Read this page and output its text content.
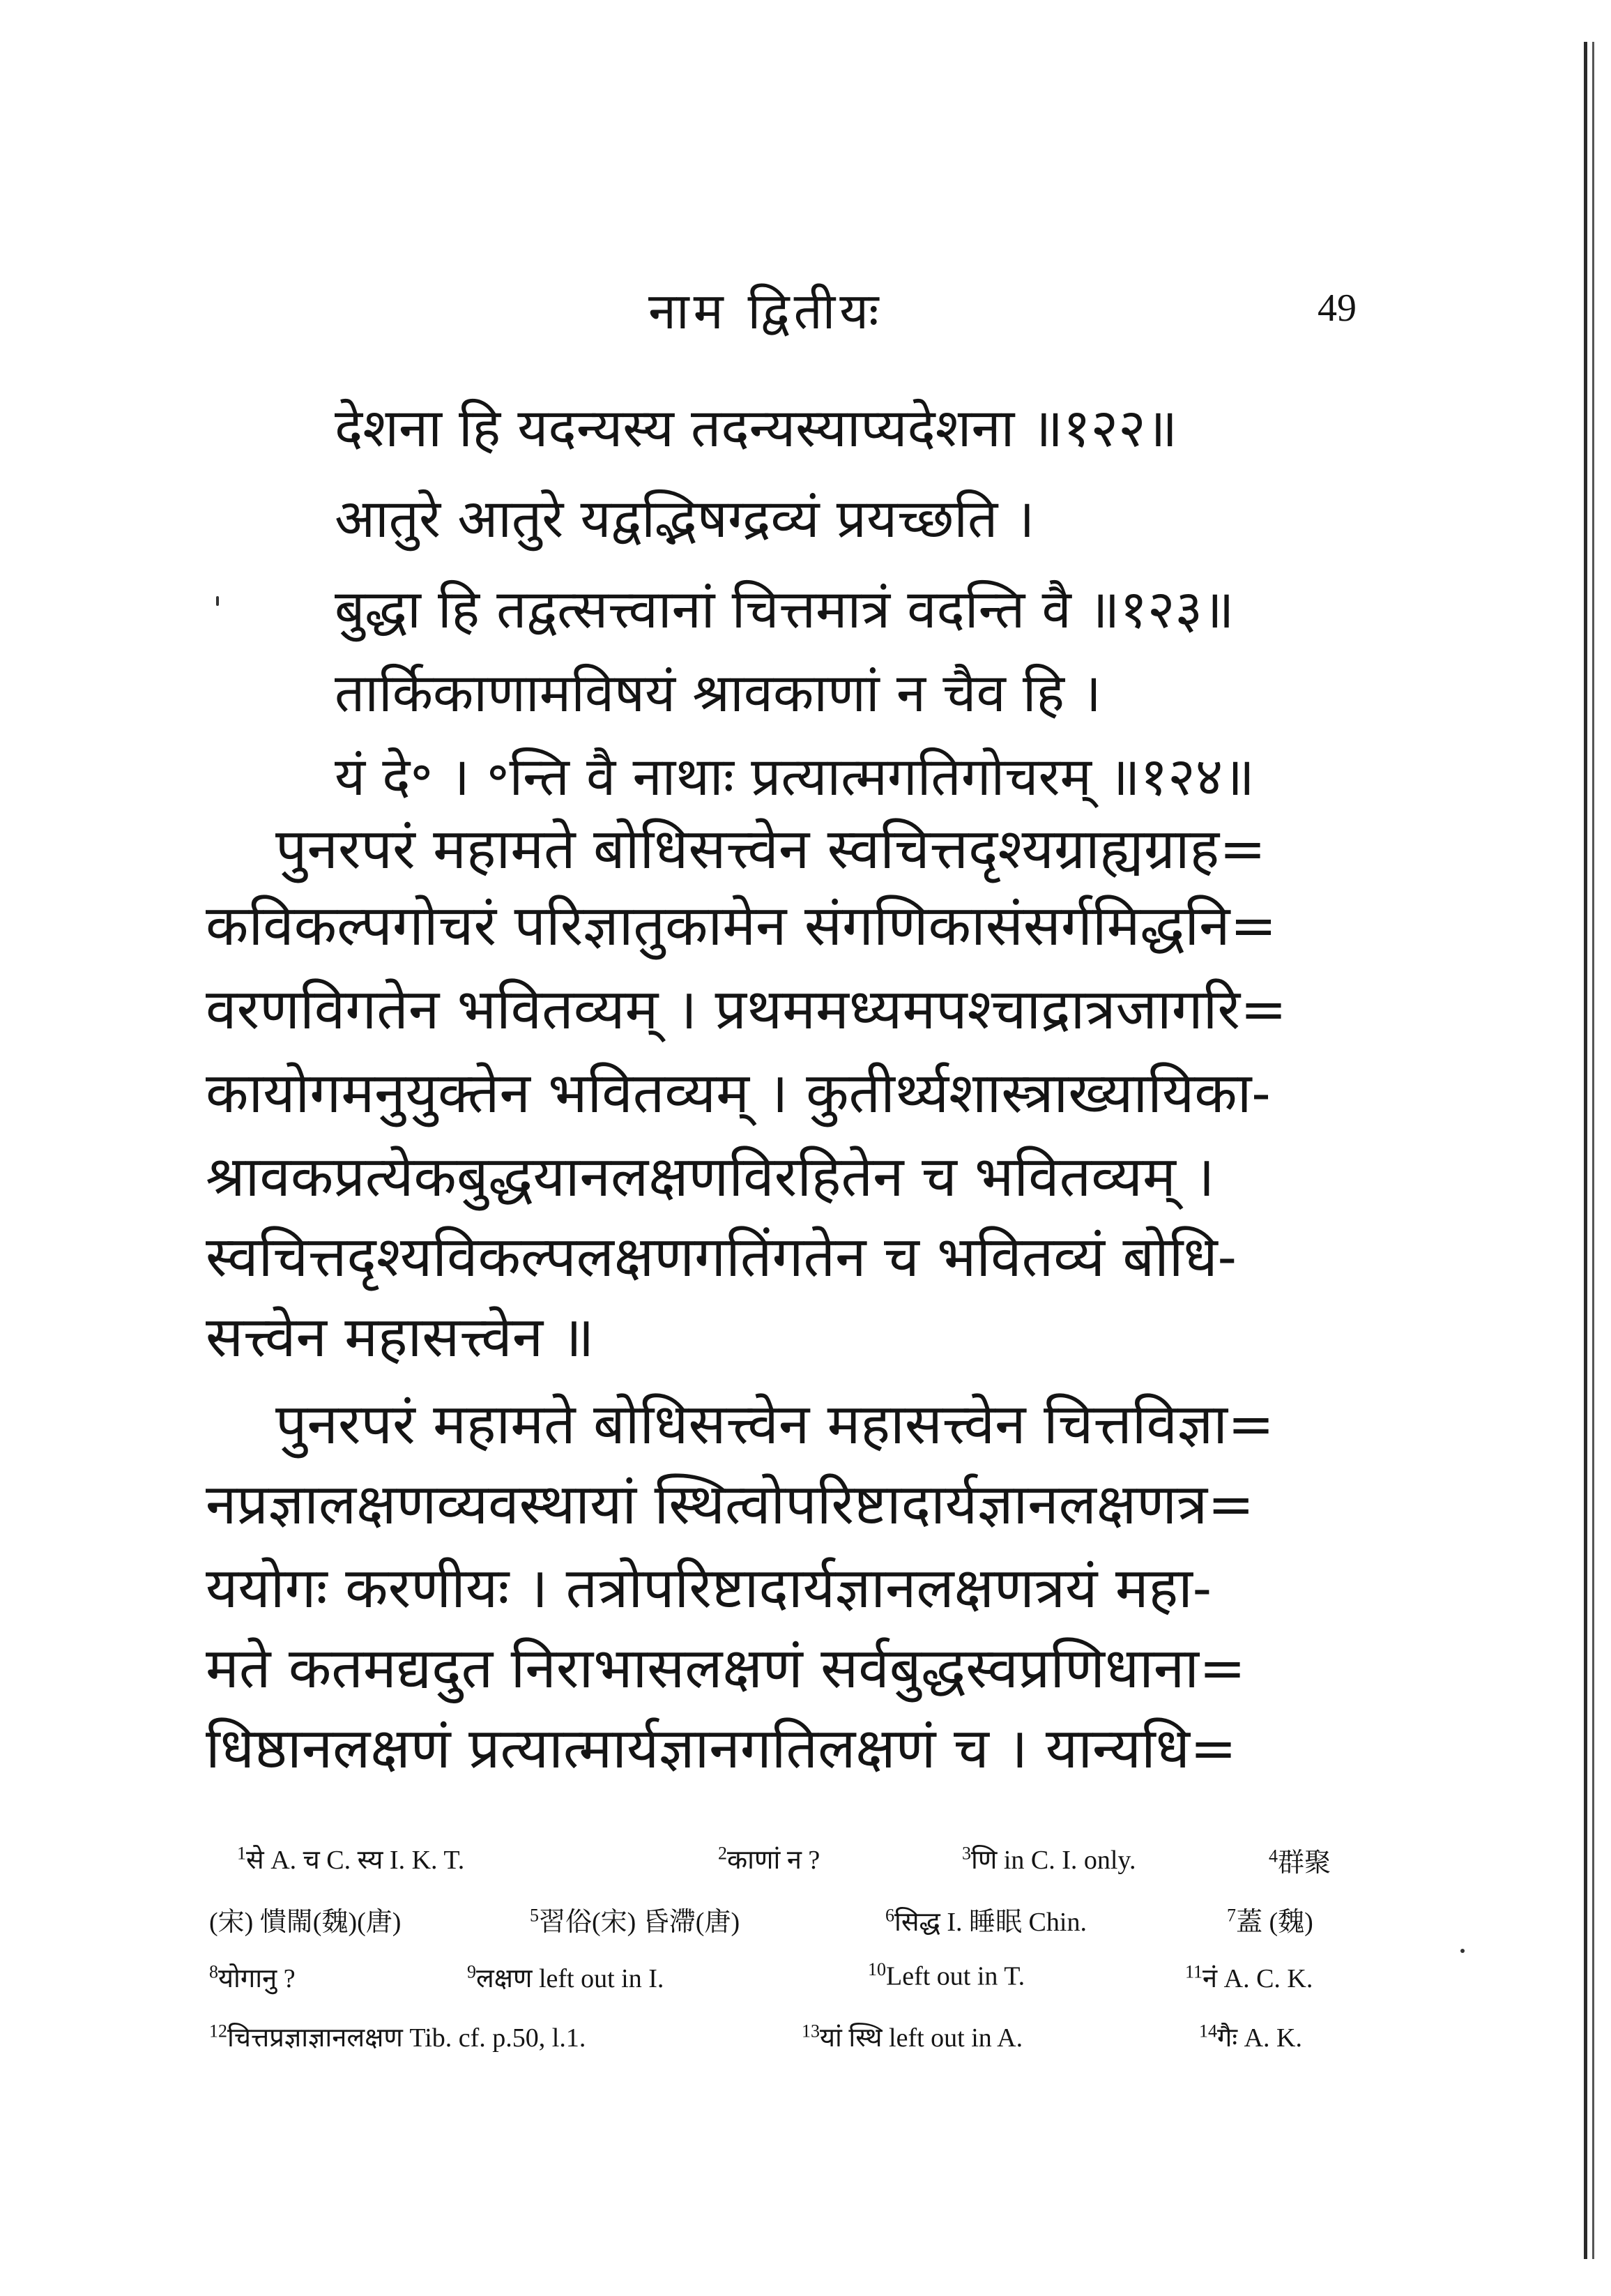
नाम द्वितीयः	49
देशना हि यदन्यस्य तदन्यस्याप्यदेशना ॥१२२॥
आतुरे आतुरे यद्वद्भिषग्द्रव्यं प्रयच्छति ।
बुद्धा हि तद्वत्सत्त्वानां चित्तमात्रं वदन्ति वै ॥१२३॥
तार्किकाणामविषयं श्रावकाणां न चैव हि ।
यं दे॰ । ॰न्ति वै नाथाः प्रत्यात्मगतिगोचरम् ॥१२४॥
पुनरपरं महामते बोधिसत्त्वेन स्वचित्तदृश्यग्राह्यग्राह=
कविकल्पगोचरं परिज्ञातुकामेन संगणिकासंसर्गमिद्धनि=
वरणविगतेन भवितव्यम् । प्रथममध्यमपश्चाद्रात्रजागरि=
कायोगमनुयुक्तेन भवितव्यम् । कुतीर्थ्यशास्त्राख्यायिका-
श्रावकप्रत्येकबुद्धयानलक्षणविरहितेन च भवितव्यम् ।
स्वचित्तदृश्यविकल्पलक्षणगतिंगतेन च भवितव्यं बोधि-
सत्त्वेन महासत्त्वेन ॥
पुनरपरं महामते बोधिसत्त्वेन महासत्त्वेन चित्तविज्ञा=
नप्रज्ञालक्षणव्यवस्थायां स्थित्वोपरिष्टादार्यज्ञानलक्षणत्र=
ययोगः करणीयः । तत्रोपरिष्टादार्यज्ञानलक्षणत्रयं महा-
मते कतमद्यदुत निराभासलक्षणं सर्वबुद्धस्वप्रणिधाना=
धिष्ठानलक्षणं प्रत्यात्मार्यज्ञानगतिलक्षणं च । यान्यधि=
$^1$से A. च C. स्य I. K. T.	$^2$काणां न ?	$^3$णि in C. I. only.	$^4$群聚
(宋) 憒閙(魏)(唐)	$^5$習俗(宋) 昏滯(唐)	$^6$सिद्ध I. 睡眠 Chin.	$^7$蓋 (魏)
$^8$योगानु ?	$^9$लक्षण left out in I.	$^{10}$Left out in T.	$^{11}$नं A. C. K.
$^{12}$चित्तप्रज्ञाज्ञानलक्षण Tib. cf. p.50, l.1.	$^{13}$यां स्थि left out in A.	$^{14}$गैः A. K.
